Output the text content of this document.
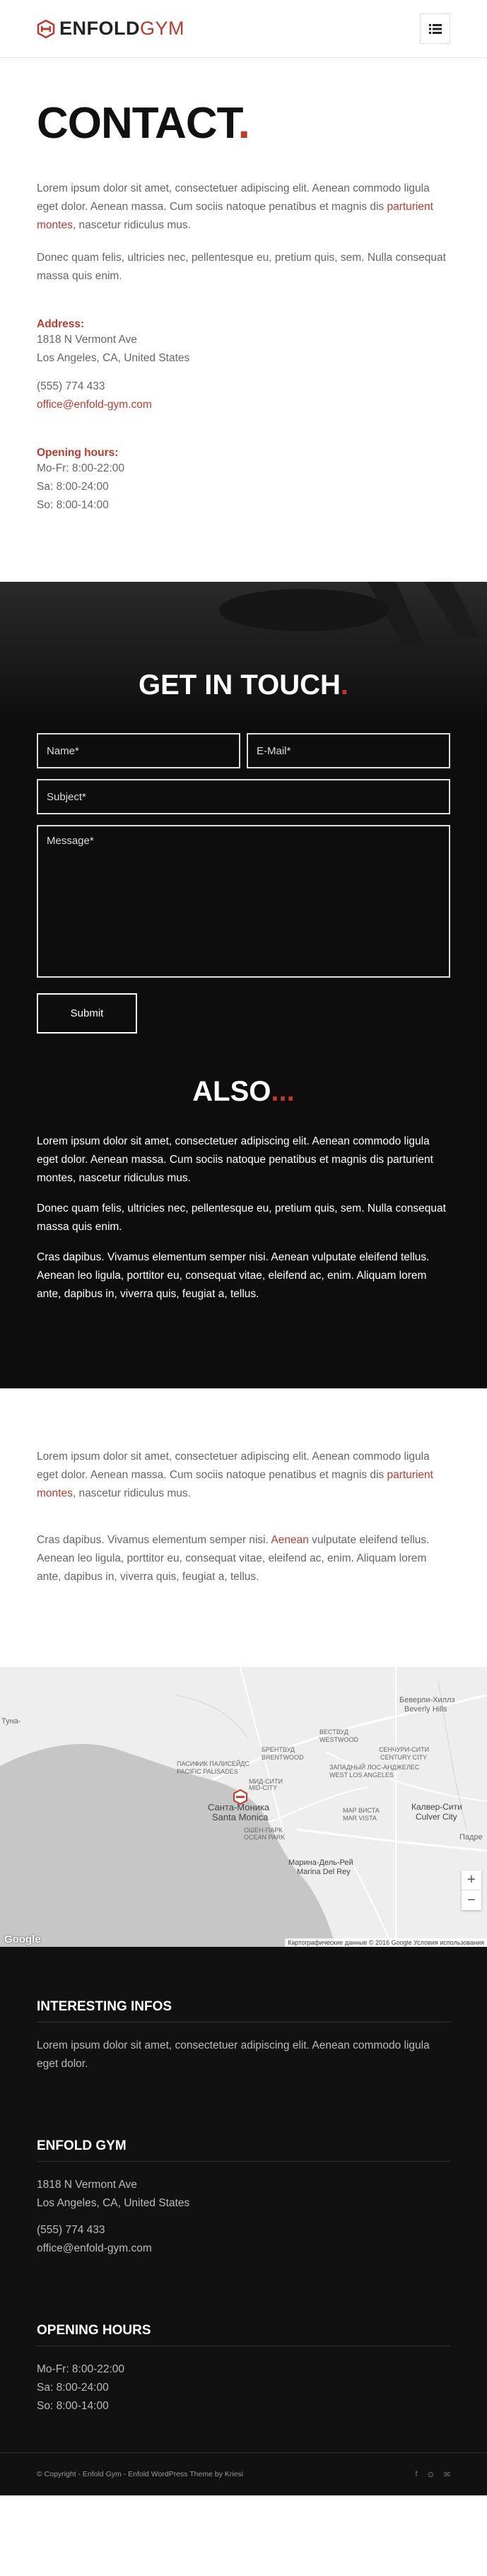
ENFOLDGYM
CONTACT.

Lorem ipsum dolor sit amet, consectetuer adipiscing elit. Aenean commodo ligula eget dolor. Aenean massa. Cum sociis natoque penatibus et magnis dis parturient montes, nascetur ridiculus mus.

Donec quam felis, ultricies nec, pellentesque eu, pretium quis, sem. Nulla consequat massa quis enim.

Address:
1818 N Vermont Ave
Los Angeles, CA, United States
(555) 774 433
office@enfold-gym.com
Opening hours:
Mo-Fr: 8:00-22:00
Sa: 8:00-24:00
So: 8:00-14:00
GET IN TOUCH.
Name*
E-Mail*
Subject*
Message* Submit
ALSO...

Lorem ipsum dolor sit amet, consectetuer adipiscing elit. Aenean commodo ligula eget dolor. Aenean massa. Cum sociis natoque penatibus et magnis dis parturient montes, nascetur ridiculus mus.

Donec quam felis, ultricies nec, pellentesque eu, pretium quis, sem. Nulla consequat massa quis enim.

Cras dapibus. Vivamus elementum semper nisi. Aenean vulputate eleifend tellus. Aenean leo ligula, porttitor eu, consequat vitae, eleifend ac, enim. Aliquam lorem ante, dapibus in, viverra quis, feugiat a, tellus.

Lorem ipsum dolor sit amet, consectetuer adipiscing elit. Aenean commodo ligula eget dolor. Aenean massa. Cum sociis natoque penatibus et magnis dis parturient montes, nascetur ridiculus mus.

Cras dapibus. Vivamus elementum semper nisi. Aenean vulputate eleifend tellus. Aenean leo ligula, porttitor eu, consequat vitae, eleifend ac, enim. Aliquam lorem ante, dapibus in, viverra quis, feugiat a, tellus.

Беверли-Хиллз
Beverly Hills
ВЕСТВУД
WESTWOOD
БРЕНТВУД
BRENTWOOD
СЕНЧУРИ-СИТИ
CENTURY CITY
ПАСИФИК ПАЛИСЕЙДС
PACIFIC PALISADES
ЗАПАДНЫЙ ЛОС-АНДЖЕЛЕС
WEST LOS ANGELES
МИД-СИТИ
MID-CITY
Санта-Моника
Santa Monica
МАР ВИСТА
MAR VISTA
Калвер-Сити
Culver City
ОШЕН-ПАРК
OCEAN PARK
Марина-Дель-Рей
Marina Del Rey
Туна-
Падре
+
−
Google	Картографические данные © 2016 Google Условия использования
INTERESTING INFOS
Lorem ipsum dolor sit amet, consectetuer adipiscing elit. Aenean commodo ligula eget dolor.
ENFOLD GYM
1818 N Vermont Ave
Los Angeles, CA, United States
(555) 774 433
office@enfold-gym.com
OPENING HOURS
Mo-Fr: 8:00-22:00
Sa: 8:00-24:00
So: 8:00-14:00
© Copyright - Enfold Gym - Enfold WordPress Theme by Kriesi	f ⊙ ✉
